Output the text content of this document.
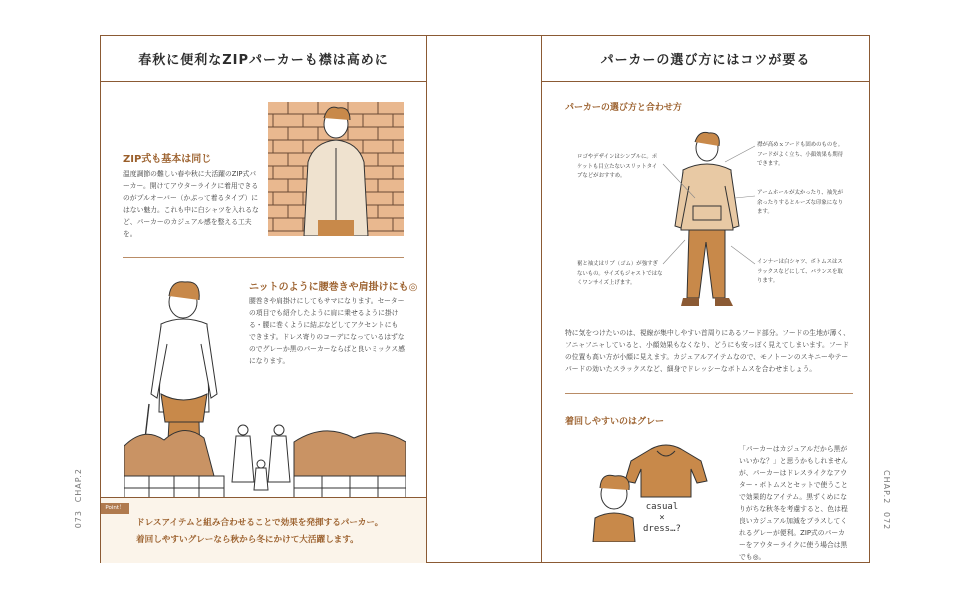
春秋に便利なZIPパーカーも襟は高めに
ZIP式も基本は同じ
温度調節の難しい春や秋に大活躍のZIP式パーカー。開けてアウターライクに着用できるのがプルオーバー（かぶって着るタイプ）にはない魅力。これも中に白シャツを入れるなど、パーカーのカジュアル感を整える工夫を。
ニットのように腰巻きや肩掛けにも◎
腰巻きや肩掛けにしてもサマになります。セーターの項目でも紹介したように肩に乗せるように掛ける・腰に巻くように結ぶなどしてアクセントにもできます。ドレス寄りのコーデになっているはずなのでグレーか黒のパーカーならばと良いミックス感になります。
Point！
ドレスアイテムと組み合わせることで効果を発揮するパーカー。
着回しやすいグレーなら秋から冬にかけて大活躍します。
CHAP.2
073
パーカーの選び方にはコツが要る
パーカーの選び方と合わせ方
ロゴやデザインはシンプルに。ポケットも目立たないスリットタイプなどがおすすめ。
裾と袖丈はリブ（ゴム）が強すぎないもの。サイズもジャストではなくワンサイズ上げます。
襟が高めｘフードも固めのものを。フードがよく立ち、小顔効果も期待できます。
アームホールが太かったり、袖先が余ったりするとルーズな印象になります。
インナーは白シャツ、ボトムスはスラックスなどにして、バランスを取ります。
特に気をつけたいのは、視線が集中しやすい首周りにあるフード部分。フードの生地が薄く、フニャフニャしていると、小顔効果もなくなり、どうにも安っぽく見えてしまいます。フードの位置も高い方が小顔に見えます。カジュアルアイテムなので、モノトーンのスキニーやテーパードの効いたスラックスなど、細身でドレッシーなボトムスを合わせましょう。
着回しやすいのはグレー
casual
×
dress…?
「パーカーはカジュアルだから黒がいいかな？」と思うかもしれませんが、パーカーはドレスライクなアウター・ボトムスとセットで使うことで効果的なアイテム。黒ずくめになりがちな秋冬を考慮すると、色は程良いカジュアル加減をプラスしてくれるグレーが便利。ZIP式のパーカーをアウターライクに使う場合は黒でも◎。
CHAP.2
072
